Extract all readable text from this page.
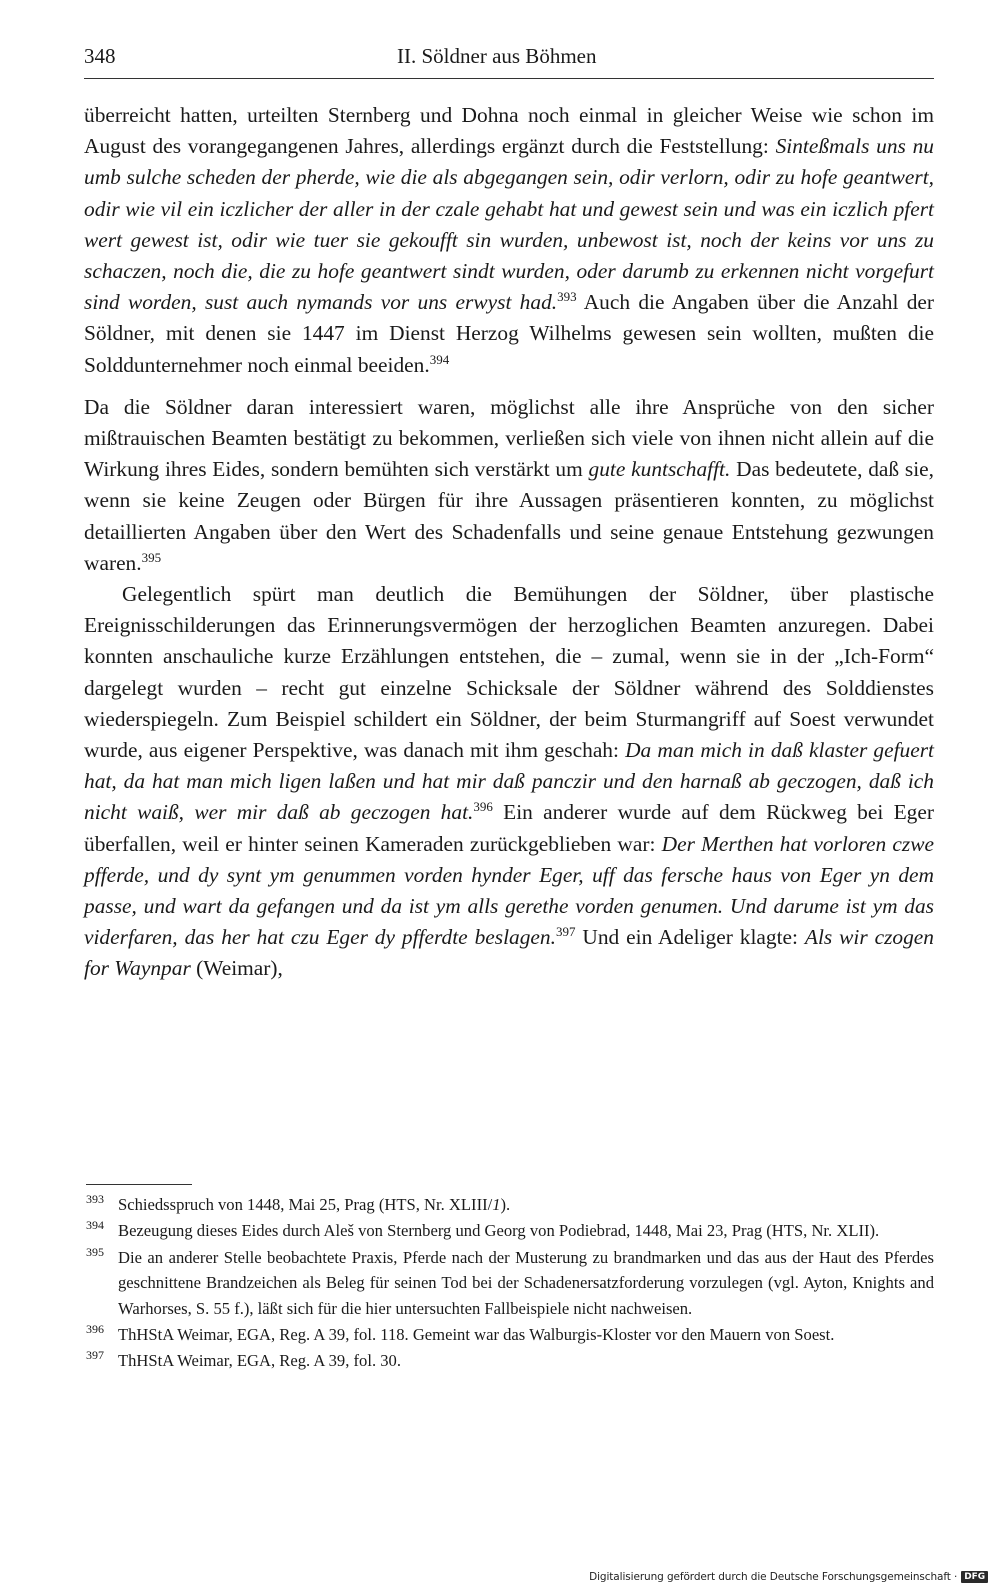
348	II. Söldner aus Böhmen

überreicht hatten, urteilten Sternberg und Dohna noch einmal in gleicher Weise wie schon im August des vorangegangenen Jahres, allerdings ergänzt durch die Feststellung: Sinteßmals uns nu umb sulche scheden der pherde, wie die als abgegangen sein, odir verlorn, odir zu hofe geantwert, odir wie vil ein iczlicher der aller in der czale gehabt hat und gewest sein und was ein iczlich pfert wert gewest ist, odir wie tuer sie gekoufft sin wurden, unbewost ist, noch der keins vor uns zu schaczen, noch die, die zu hofe geantwert sindt wurden, oder darumb zu erkennen nicht vorgefurt sind worden, sust auch nymands vor uns erwyst had.$^{393}$ Auch die Angaben über die Anzahl der Söldner, mit denen sie 1447 im Dienst Herzog Wilhelms gewesen sein wollten, mußten die Solddunternehmer noch einmal beeiden.$^{394}$

Da die Söldner daran interessiert waren, möglichst alle ihre Ansprüche von den sicher mißtrauischen Beamten bestätigt zu bekommen, verließen sich viele von ihnen nicht allein auf die Wirkung ihres Eides, sondern bemühten sich verstärkt um gute kuntschafft. Das bedeutete, daß sie, wenn sie keine Zeugen oder Bürgen für ihre Aussagen präsentieren konnten, zu möglichst detaillierten Angaben über den Wert des Schadenfalls und seine genaue Entstehung gezwungen waren.$^{395}$

Gelegentlich spürt man deutlich die Bemühungen der Söldner, über plastische Ereignisschilderungen das Erinnerungsvermögen der herzoglichen Beamten anzuregen. Dabei konnten anschauliche kurze Erzählungen entstehen, die – zumal, wenn sie in der „Ich-Form“ dargelegt wurden – recht gut einzelne Schicksale der Söldner während des Solddienstes wiederspiegeln. Zum Beispiel schildert ein Söldner, der beim Sturmangriff auf Soest verwundet wurde, aus eigener Perspektive, was danach mit ihm geschah: Da man mich in daß klaster gefuert hat, da hat man mich ligen laßen und hat mir daß panczir und den harnaß ab geczogen, daß ich nicht waiß, wer mir daß ab geczogen hat.$^{396}$ Ein anderer wurde auf dem Rückweg bei Eger überfallen, weil er hinter seinen Kameraden zurückgeblieben war: Der Merthen hat vorloren czwe pfferde, und dy synt ym genummen vorden hynder Eger, uff das fersche haus von Eger yn dem passe, und wart da gefangen und da ist ym alls gerethe vorden genumen. Und darume ist ym das viderfaren, das her hat czu Eger dy pfferdte beslagen.$^{397}$ Und ein Adeliger klagte: Als wir czogen for Waynpar (Weimar),

393 Schiedsspruch von 1448, Mai 25, Prag (HTS, Nr. XLIII/1).
394 Bezeugung dieses Eides durch Aleš von Sternberg und Georg von Podiebrad, 1448, Mai 23, Prag (HTS, Nr. XLII).
395 Die an anderer Stelle beobachtete Praxis, Pferde nach der Musterung zu brandmarken und das aus der Haut des Pferdes geschnittene Brandzeichen als Beleg für seinen Tod bei der Schadenersatzforderung vorzulegen (vgl. Ayton, Knights and Warhorses, S. 55 f.), läßt sich für die hier untersuchten Fallbeispiele nicht nachweisen.
396 ThHStA Weimar, EGA, Reg. A 39, fol. 118. Gemeint war das Walburgis-Kloster vor den Mauern von Soest.
397 ThHStA Weimar, EGA, Reg. A 39, fol. 30.
Digitalisierung gefördert durch die Deutsche Forschungsgemeinschaft · DFG
